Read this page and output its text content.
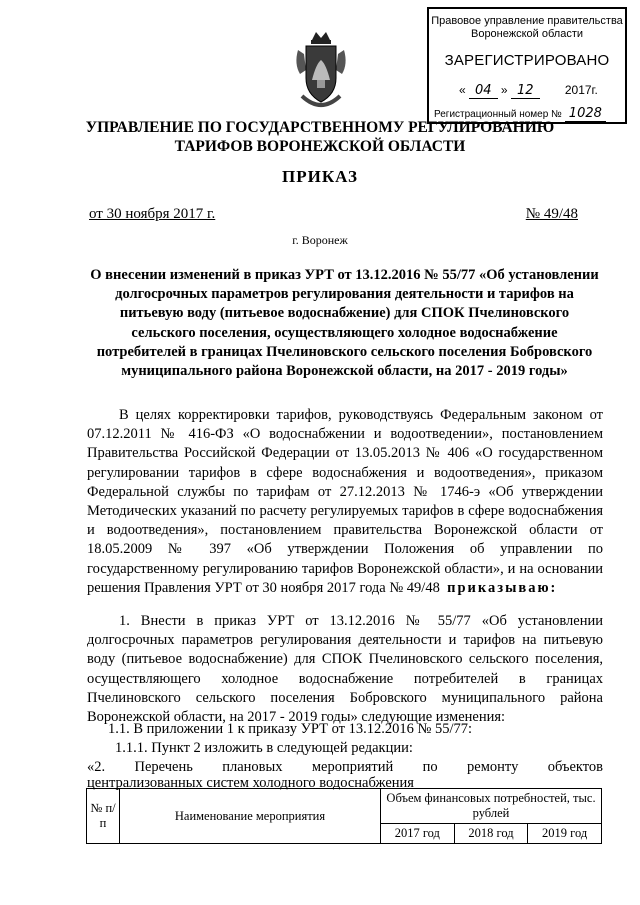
Правовое управление правительства
Воронежской области
ЗАРЕГИСТРИРОВАНО
« 04 » 12	2017г.
Регистрационный номер № 1028
УПРАВЛЕНИЕ ПО ГОСУДАРСТВЕННОМУ РЕГУЛИРОВАНИЮ
ТАРИФОВ ВОРОНЕЖСКОЙ ОБЛАСТИ
ПРИКАЗ
от 30 ноября 2017 г.	№ 49/48
г. Воронеж
О внесении изменений в приказ УРТ от 13.12.2016 № 55/77 «Об установлении долгосрочных параметров регулирования деятельности и тарифов на питьевую воду (питьевое водоснабжение) для СПОК Пчелиновского сельского поселения, осуществляющего холодное водоснабжение потребителей в границах Пчелиновского сельского поселения Бобровского муниципального района Воронежской области, на 2017 - 2019 годы»
В целях корректировки тарифов, руководствуясь Федеральным законом от 07.12.2011 № 416-ФЗ «О водоснабжении и водоотведении», постановлением Правительства Российской Федерации от 13.05.2013 № 406 «О государственном регулировании тарифов в сфере водоснабжения и водоотведения», приказом Федеральной службы по тарифам от 27.12.2013 № 1746-э «Об утверждении Методических указаний по расчету регулируемых тарифов в сфере водоснабжения и водоотведения», постановлением правительства Воронежской области от 18.05.2009 № 397 «Об утверждении Положения об управлении по государственному регулированию тарифов Воронежской области», и на основании решения Правления УРТ от 30 ноября 2017 года № 49/48 приказываю:
1. Внести в приказ УРТ от 13.12.2016 № 55/77 «Об установлении долгосрочных параметров регулирования деятельности и тарифов на питьевую воду (питьевое водоснабжение) для СПОК Пчелиновского сельского поселения, осуществляющего холодное водоснабжение потребителей в границах Пчелиновского сельского поселения Бобровского муниципального района Воронежской области, на 2017 - 2019 годы» следующие изменения:
1.1. В приложении 1 к приказу УРТ от 13.12.2016 № 55/77:
1.1.1. Пункт 2 изложить в следующей редакции:
«2. Перечень плановых мероприятий по ремонту объектов
централизованных систем холодного водоснабжения
№ п/п	Наименование мероприятия	Объем финансовых потребностей, тыс. рублей		
		2017 год	2018 год	2019 год
